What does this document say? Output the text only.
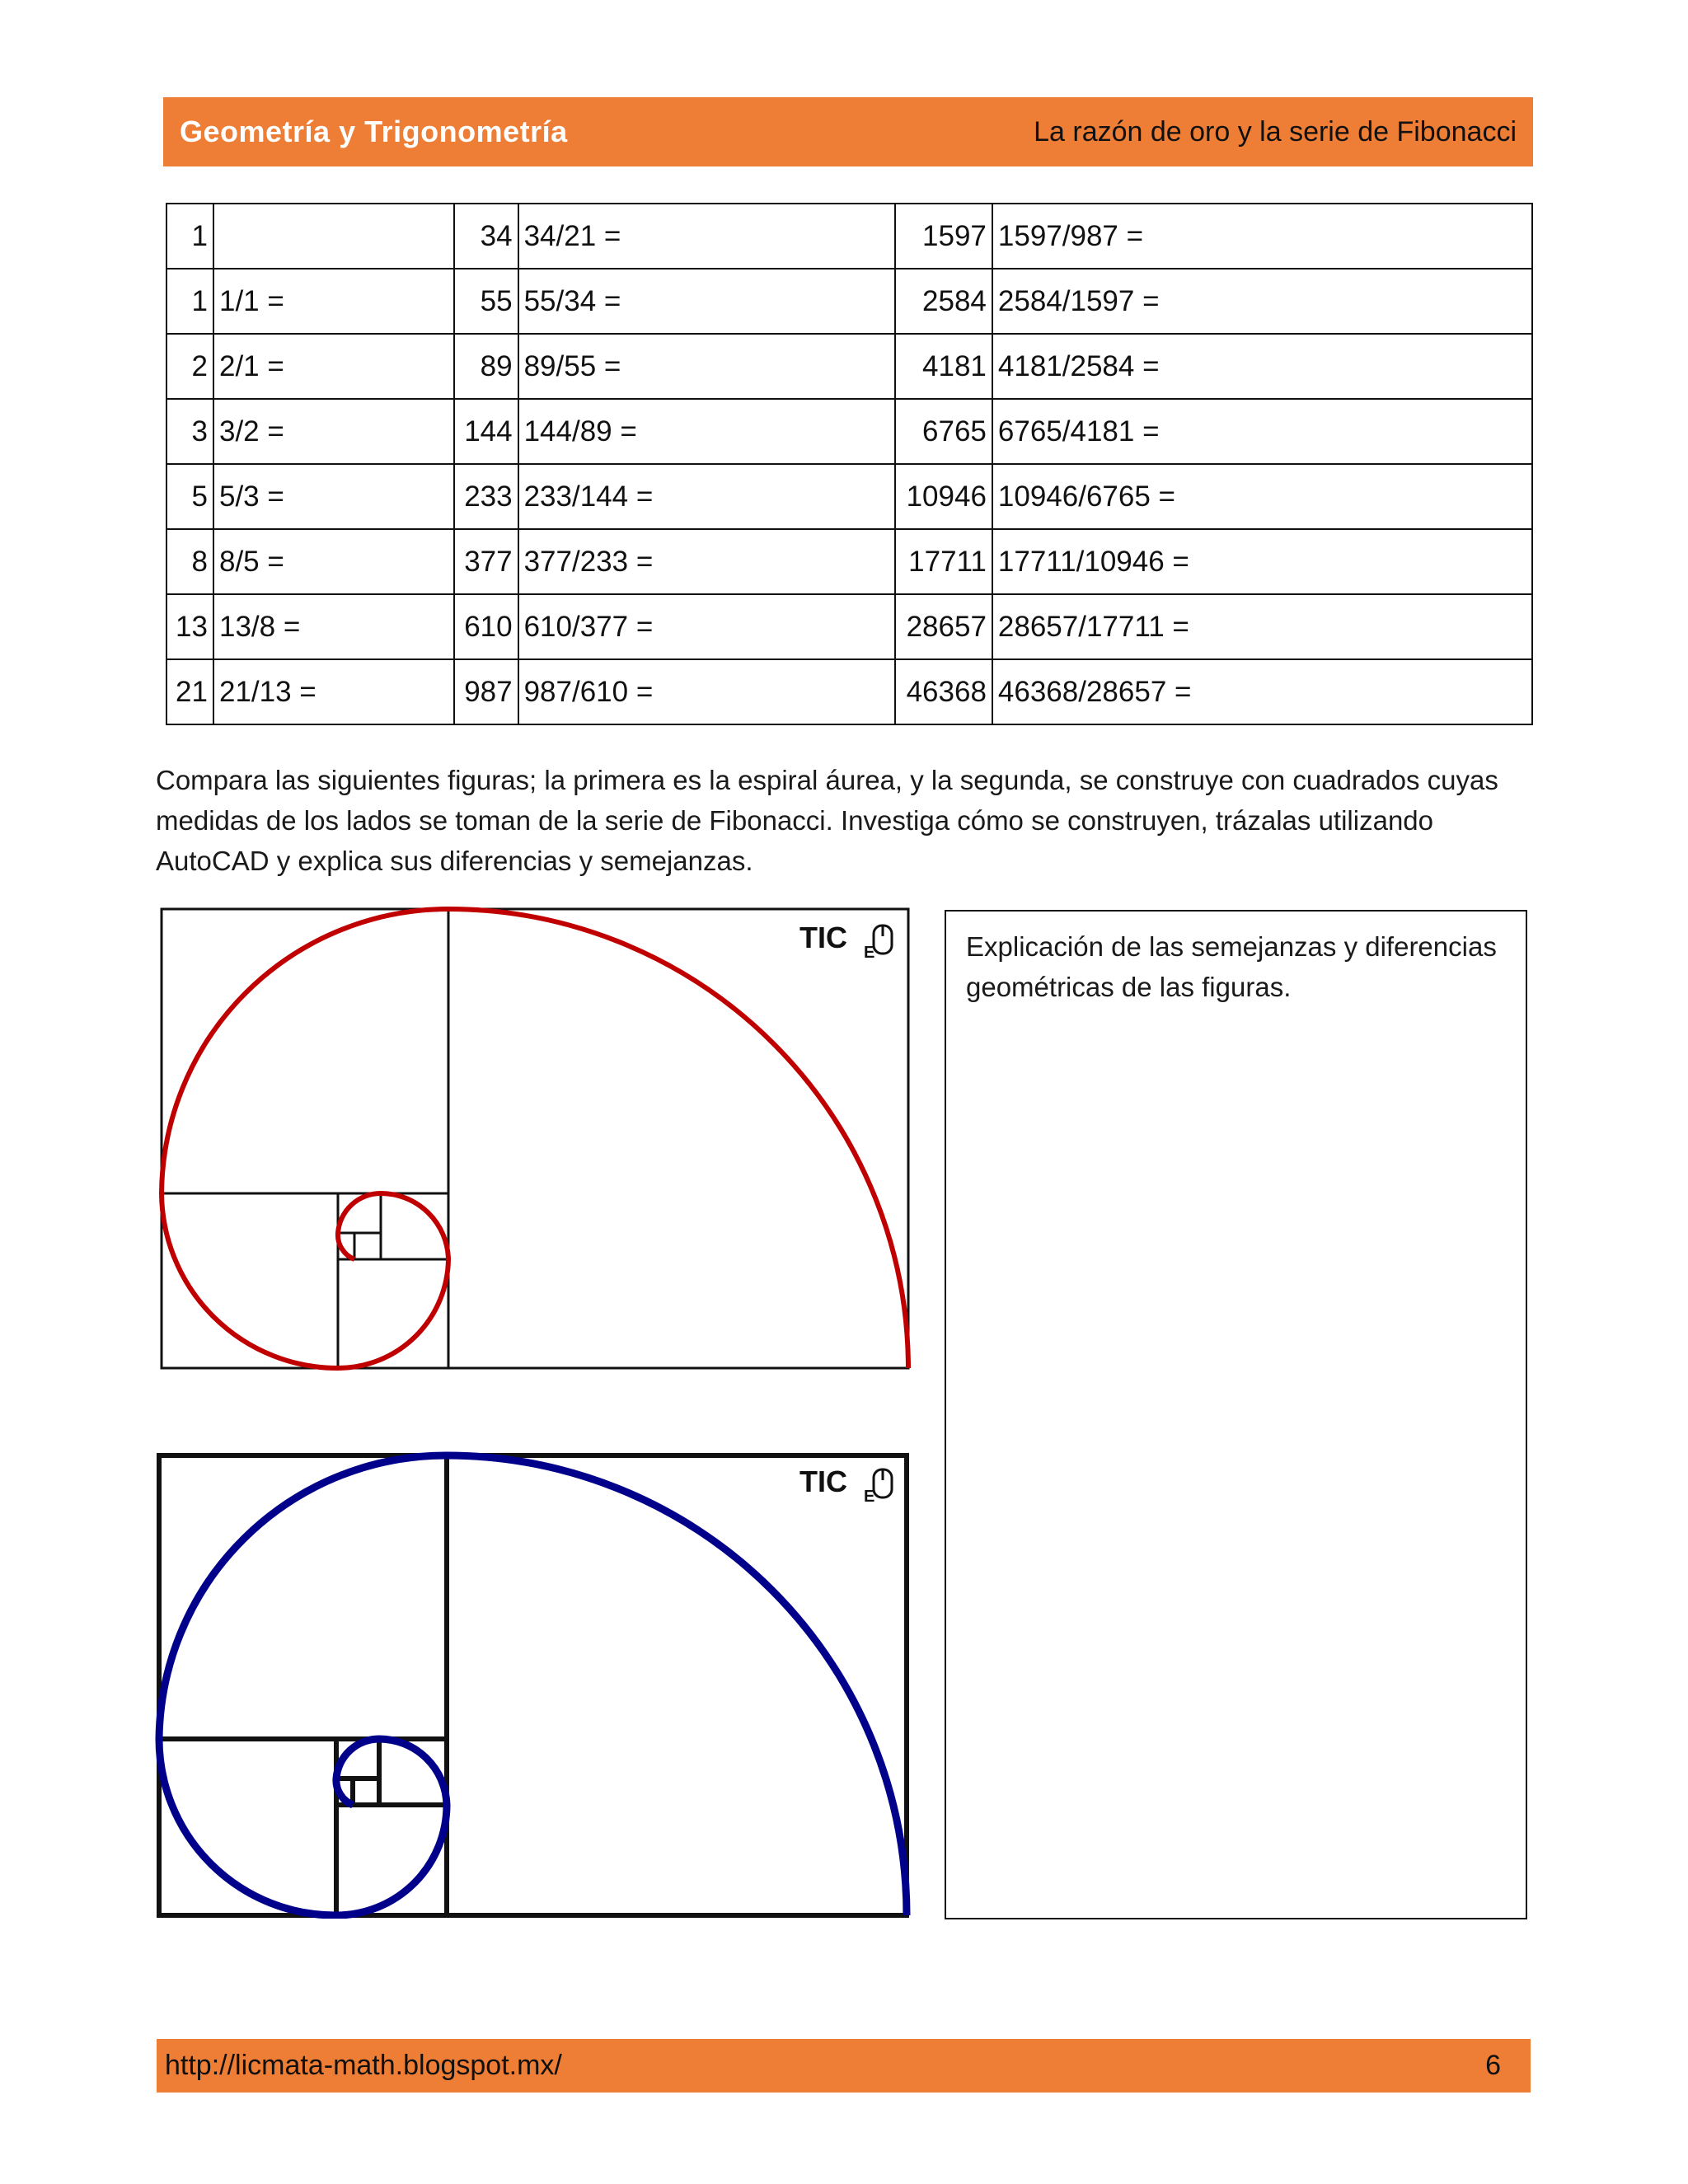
Geometría y Trigonometría	La razón de oro y la serie de Fibonacci
1		34	34/21 =	1597	1597/987 =
1	1/1 =	55	55/34 =	2584	2584/1597 =
2	2/1 =	89	89/55 =	4181	4181/2584 =
3	3/2 =	144	144/89 =	6765	6765/4181 =
5	5/3 =	233	233/144 =	10946	10946/6765 =
8	8/5 =	377	377/233 =	17711	17711/10946 =
13	13/8 =	610	610/377 =	28657	28657/17711 =
21	21/13 =	987	987/610 =	46368	46368/28657 =
Compara las siguientes figuras; la primera es la espiral áurea, y la segunda, se construye con cuadrados cuyas medidas de los lados se toman de la serie de Fibonacci. Investiga cómo se construyen, trázalas utilizando AutoCAD y explica sus diferencias y semejanzas.
TIC E
TIC E
Explicación de las semejanzas y diferencias geométricas de las figuras.
http://licmata-math.blogspot.mx/	6
